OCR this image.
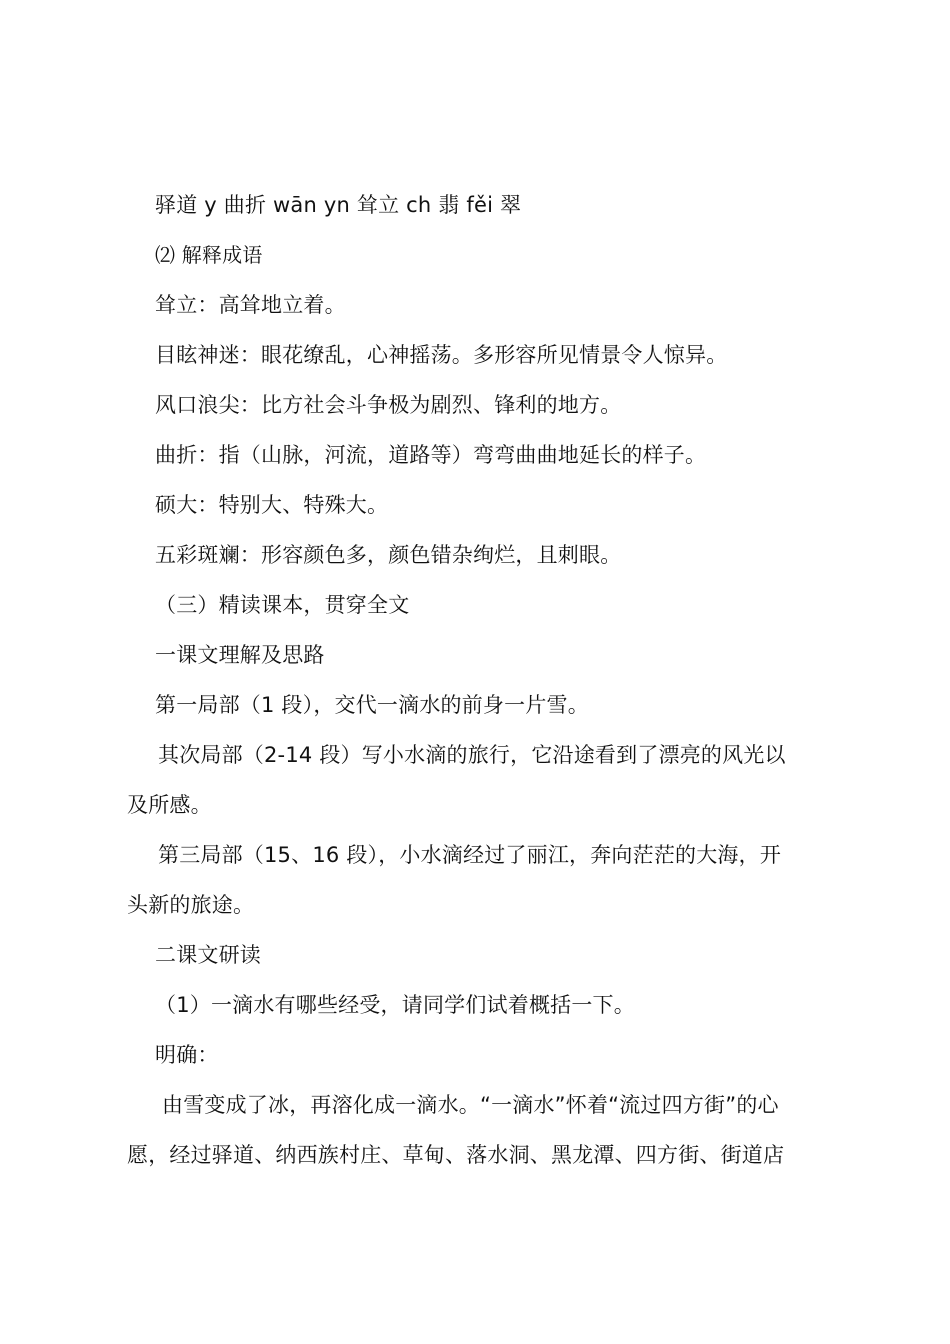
驿道 y 曲折 wān yn 耸立 ch 翡 fěi 翠
⑵ 解释成语
耸立：高耸地立着。
目眩神迷：眼花缭乱，心神摇荡。多形容所见情景令人惊异。
风口浪尖：比方社会斗争极为剧烈、锋利的地方。
曲折：指（山脉，河流，道路等）弯弯曲曲地延长的样子。
硕大：特别大、特殊大。
五彩斑斓：形容颜色多，颜色错杂绚烂，且刺眼。
（三）精读课本，贯穿全文
一课文理解及思路
第一局部（1 段），交代一滴水的前身一片雪。
其次局部（2-14 段）写小水滴的旅行，它沿途看到了漂亮的风光以
及所感。
第三局部（15、16 段），小水滴经过了丽江，奔向茫茫的大海，开
头新的旅途。
二课文研读
（1）一滴水有哪些经受，请同学们试着概括一下。
明确：
由雪变成了冰，再溶化成一滴水。“一滴水”怀着“流过四方街”的心
愿，经过驿道、纳西族村庄、草甸、落水洞、黑龙潭、四方街、街道店
